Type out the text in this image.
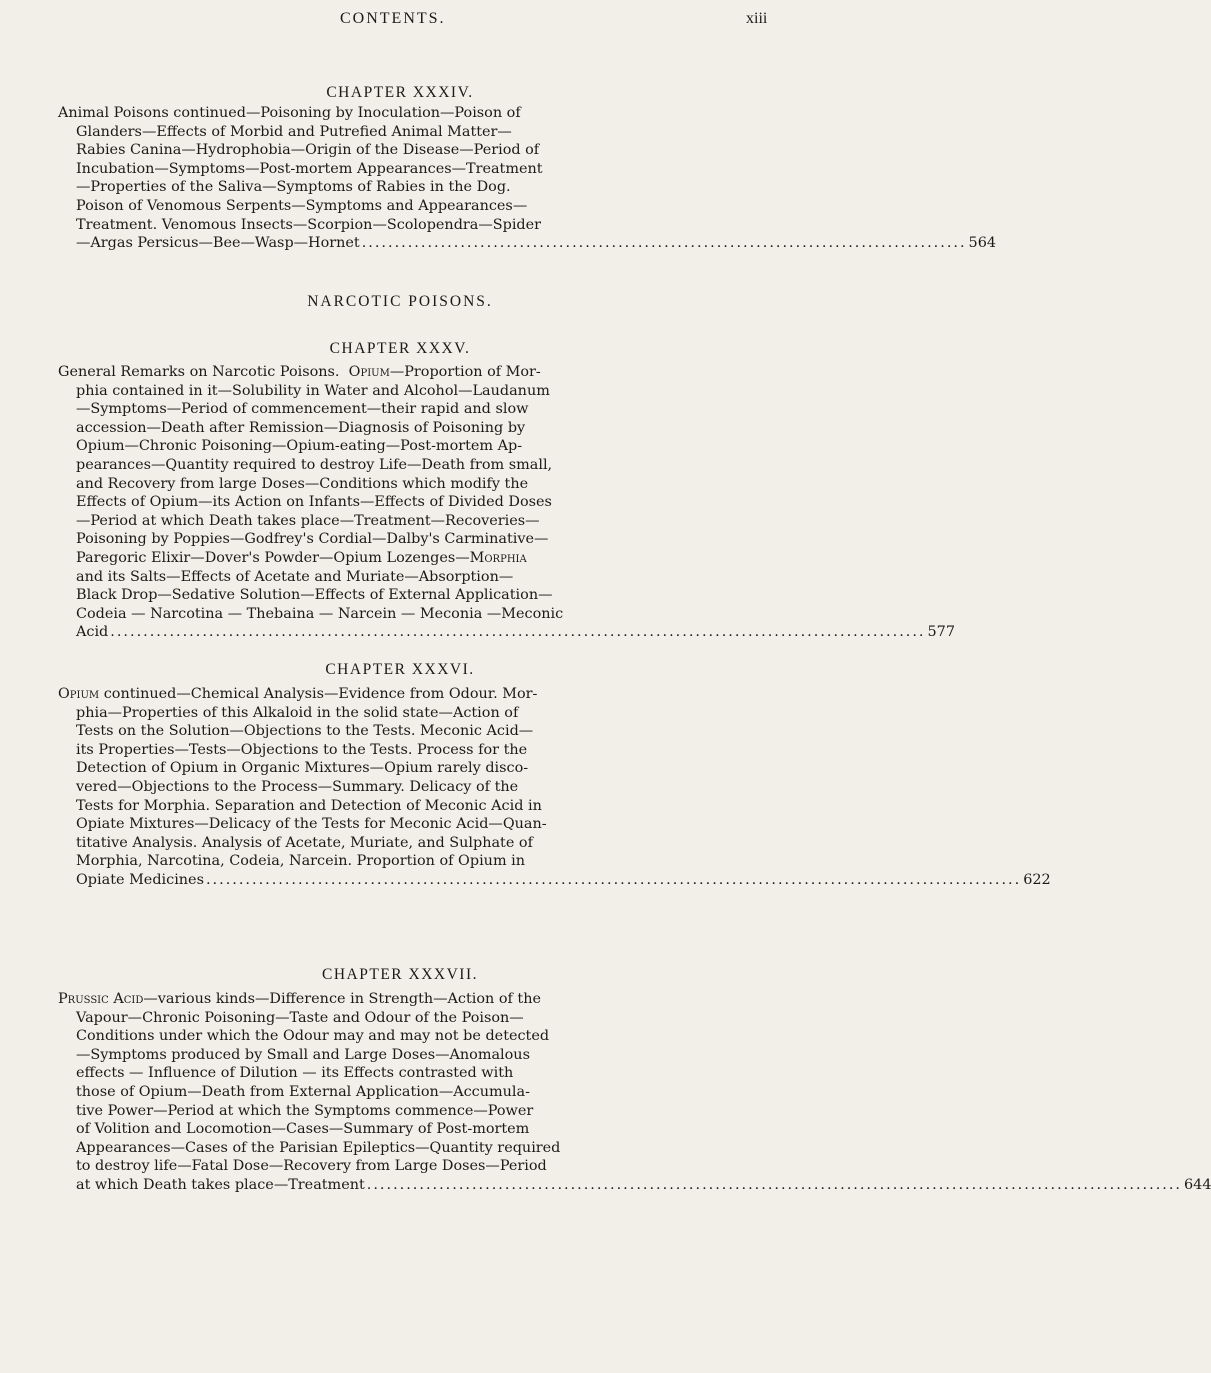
CONTENTS.	xiii
CHAPTER XXXIV.
Animal Poisons continued—Poisoning by Inoculation—Poison of
Glanders—Effects of Morbid and Putrefied Animal Matter—
Rabies Canina—Hydrophobia—Origin of the Disease—Period of
Incubation—Symptoms—Post-mortem Appearances—Treatment
—Properties of the Saliva—Symptoms of Rabies in the Dog.
Poison of Venomous Serpents—Symptoms and Appearances—
Treatment. Venomous Insects—Scorpion—Scolopendra—Spider
—Argas Persicus—Bee—Wasp—Hornet ............................................................................................ 564
NARCOTIC POISONS.
CHAPTER XXXV.
General Remarks on Narcotic Poisons. Opium—Proportion of Mor-
phia contained in it—Solubility in Water and Alcohol—Laudanum
—Symptoms—Period of commencement—their rapid and slow
accession—Death after Remission—Diagnosis of Poisoning by
Opium—Chronic Poisoning—Opium-eating—Post-mortem Ap-
pearances—Quantity required to destroy Life—Death from small,
and Recovery from large Doses—Conditions which modify the
Effects of Opium—its Action on Infants—Effects of Divided Doses
—Period at which Death takes place—Treatment—Recoveries—
Poisoning by Poppies—Godfrey's Cordial—Dalby's Carminative—
Paregoric Elixir—Dover's Powder—Opium Lozenges—Morphia
and its Salts—Effects of Acetate and Muriate—Absorption—
Black Drop—Sedative Solution—Effects of External Application—
Codeia — Narcotina — Thebaina — Narcein — Meconia —Meconic
Acid ............................................................................................................................ 577
CHAPTER XXXVI.
Opium continued—Chemical Analysis—Evidence from Odour. Mor-
phia—Properties of this Alkaloid in the solid state—Action of
Tests on the Solution—Objections to the Tests. Meconic Acid—
its Properties—Tests—Objections to the Tests. Process for the
Detection of Opium in Organic Mixtures—Opium rarely disco-
vered—Objections to the Process—Summary. Delicacy of the
Tests for Morphia. Separation and Detection of Meconic Acid in
Opiate Mixtures—Delicacy of the Tests for Meconic Acid—Quan-
titative Analysis. Analysis of Acetate, Muriate, and Sulphate of
Morphia, Narcotina, Codeia, Narcein. Proportion of Opium in
Opiate Medicines ............................................................................................................................ 622
CHAPTER XXXVII.
Prussic Acid—various kinds—Difference in Strength—Action of the
Vapour—Chronic Poisoning—Taste and Odour of the Poison—
Conditions under which the Odour may and may not be detected
—Symptoms produced by Small and Large Doses—Anomalous
effects — Influence of Dilution — its Effects contrasted with
those of Opium—Death from External Application—Accumula-
tive Power—Period at which the Symptoms commence—Power
of Volition and Locomotion—Cases—Summary of Post-mortem
Appearances—Cases of the Parisian Epileptics—Quantity required
to destroy life—Fatal Dose—Recovery from Large Doses—Period
at which Death takes place—Treatment ............................................................................................................................ 644
